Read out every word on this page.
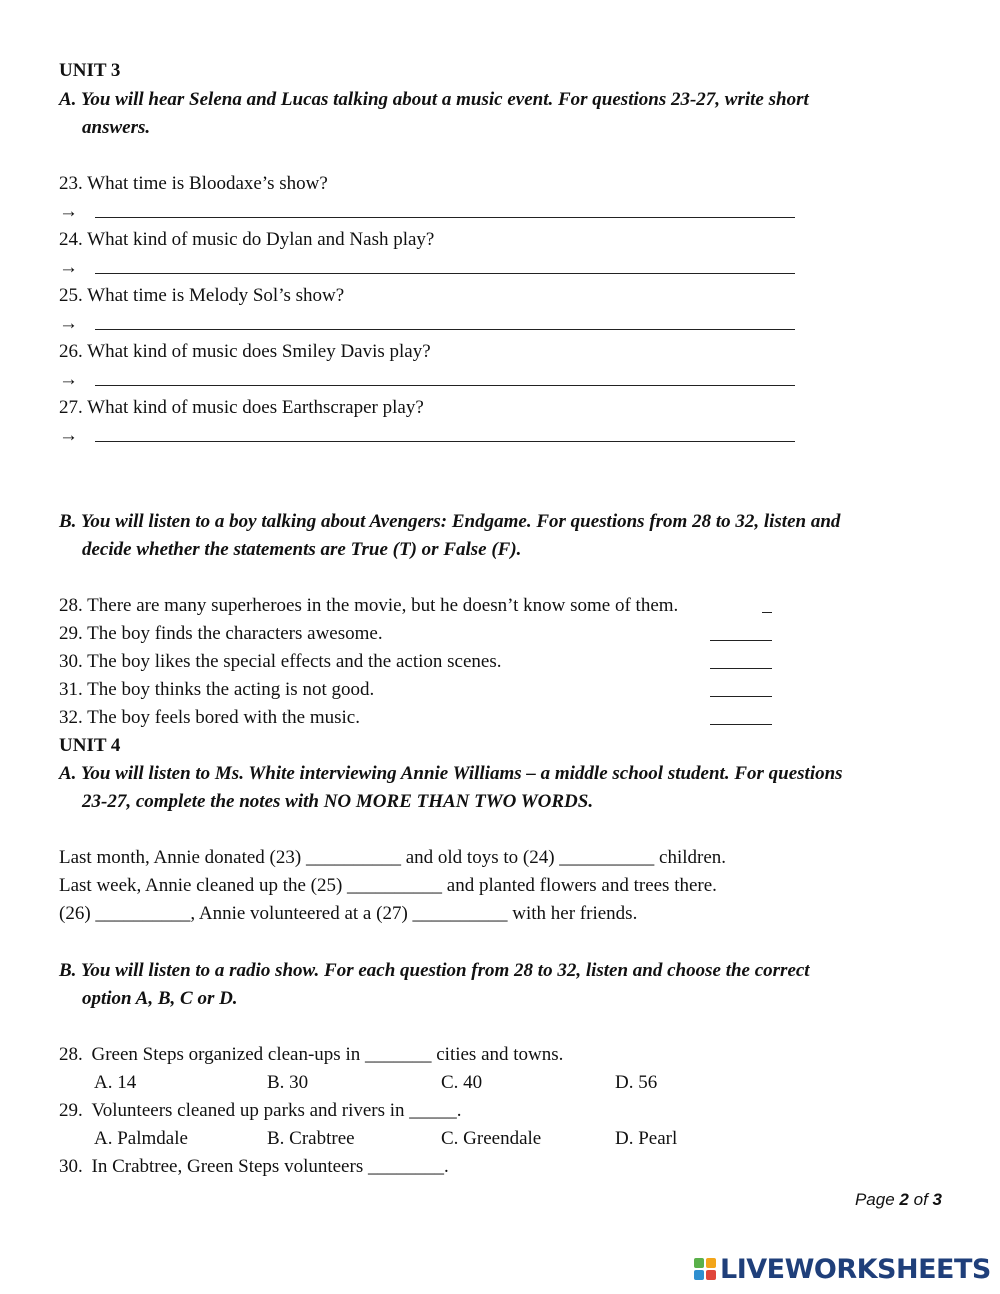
UNIT 3
A. You will hear Selena and Lucas talking about a music event. For questions 23-27, write short
answers.
23. What time is Bloodaxe’s show?
→
24. What kind of music do Dylan and Nash play?
→
25. What time is Melody Sol’s show?
→
26. What kind of music does Smiley Davis play?
→
27. What kind of music does Earthscraper play?
→
B. You will listen to a boy talking about Avengers: Endgame. For questions from 28 to 32, listen and
decide whether the statements are True (T) or False (F).
28. There are many superheroes in the movie, but he doesn’t know some of them.
29. The boy finds the characters awesome.
30. The boy likes the special effects and the action scenes.
31. The boy thinks the acting is not good.
32. The boy feels bored with the music.
UNIT 4
A. You will listen to Ms. White interviewing Annie Williams – a middle school student. For questions
23-27, complete the notes with NO MORE THAN TWO WORDS.
Last month, Annie donated (23) __________ and old toys to (24) __________ children.
Last week, Annie cleaned up the (25) __________ and planted flowers and trees there.
(26) __________, Annie volunteered at a (27) __________ with her friends.
B. You will listen to a radio show. For each question from 28 to 32, listen and choose the correct
option A, B, C or D.
28. Green Steps organized clean-ups in _______ cities and towns.
A. 14	B. 30	C. 40	D. 56
29. Volunteers cleaned up parks and rivers in _____.
A. Palmdale	B. Crabtree	C. Greendale	D. Pearl
30. In Crabtree, Green Steps volunteers ________.
Page 2 of 3
LIVEWORKSHEETS
